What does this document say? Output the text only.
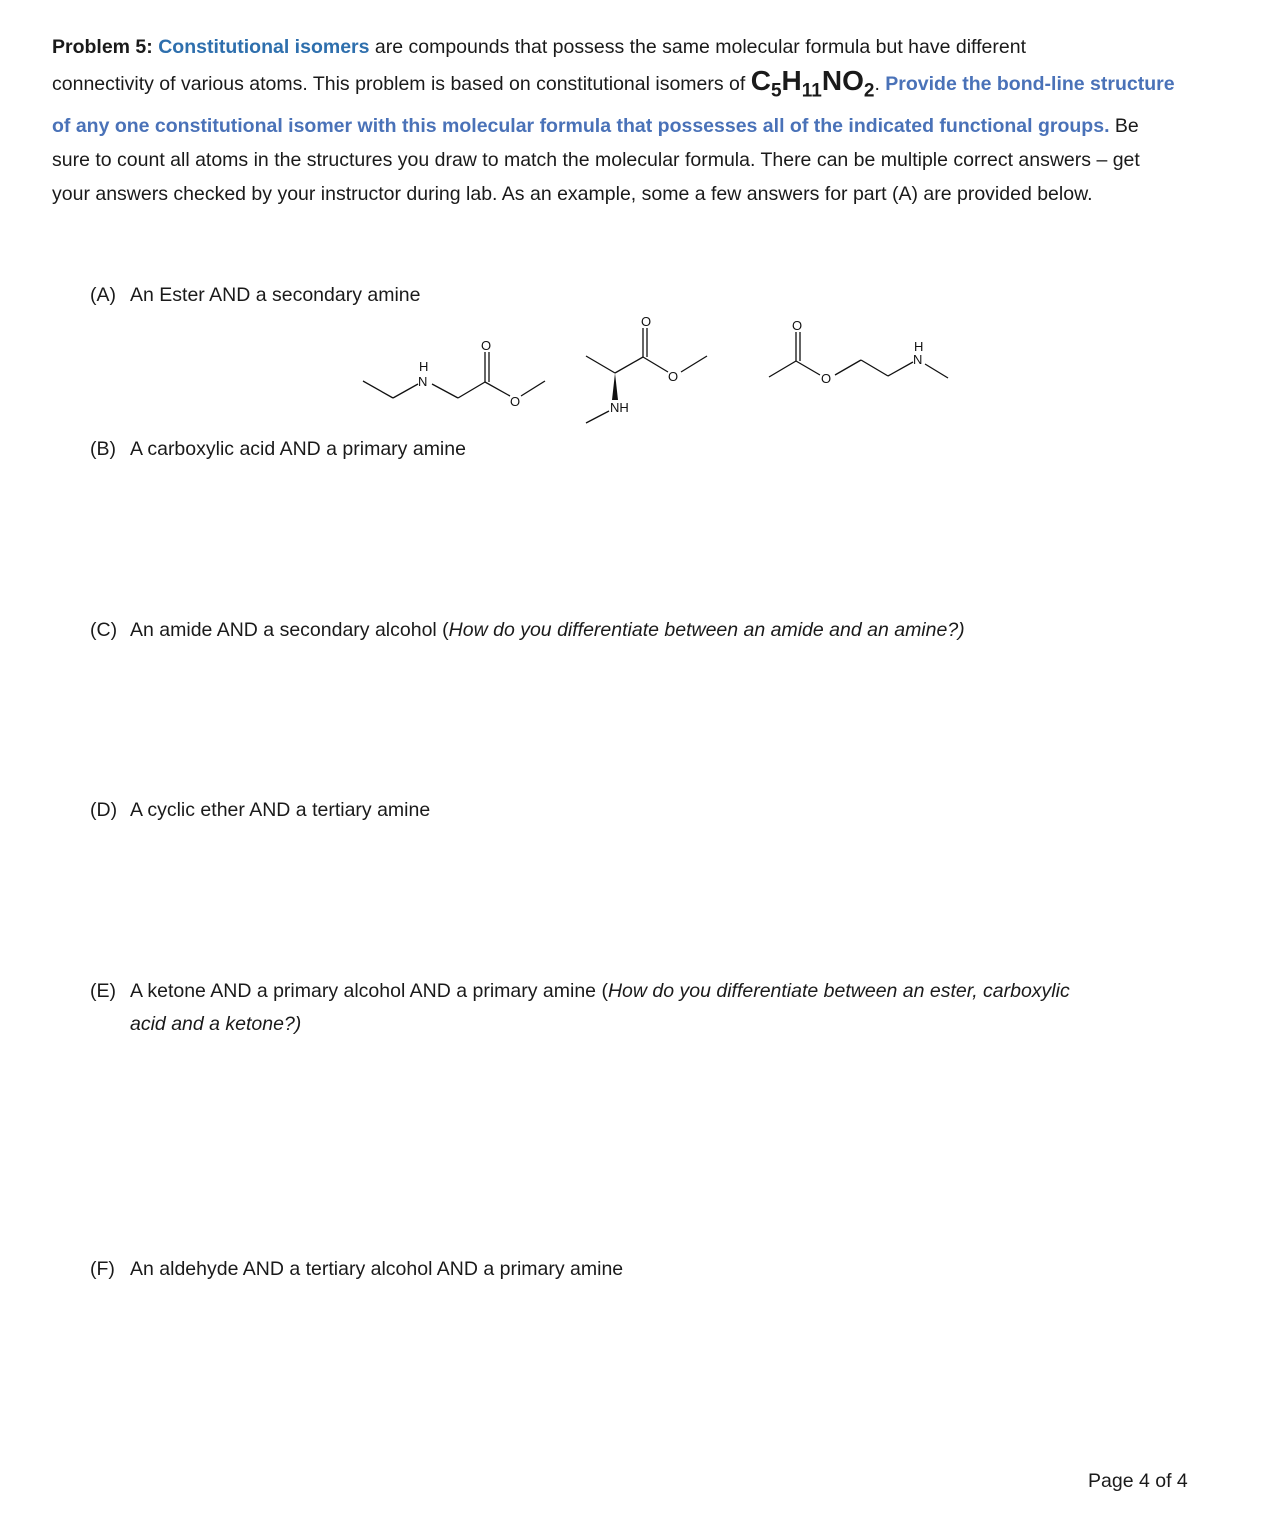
Problem 5: Constitutional isomers are compounds that possess the same molecular formula but have different
connectivity of various atoms. This problem is based on constitutional isomers of $C_5H_{11}NO_2$. Provide the bond-line structure of any one constitutional isomer with this molecular formula that possesses all of the indicated functional groups. Be sure to count all atoms in the structures you draw to match the molecular formula. There can be multiple correct answers – get your answers checked by your instructor during lab. As an example, some a few answers for part (A) are provided below.
(A) An Ester AND a secondary amine
H
N
O
O
O
O
NH
O
O
H
N
(B) A carboxylic acid AND a primary amine
(C) An amide AND a secondary alcohol (How do you differentiate between an amide and an amine?)
(D) A cyclic ether AND a tertiary amine
(E) A ketone AND a primary alcohol AND a primary amine (How do you differentiate between an ester, carboxylic
acid and a ketone?)
(F) An aldehyde AND a tertiary alcohol AND a primary amine
Page 4 of 4
